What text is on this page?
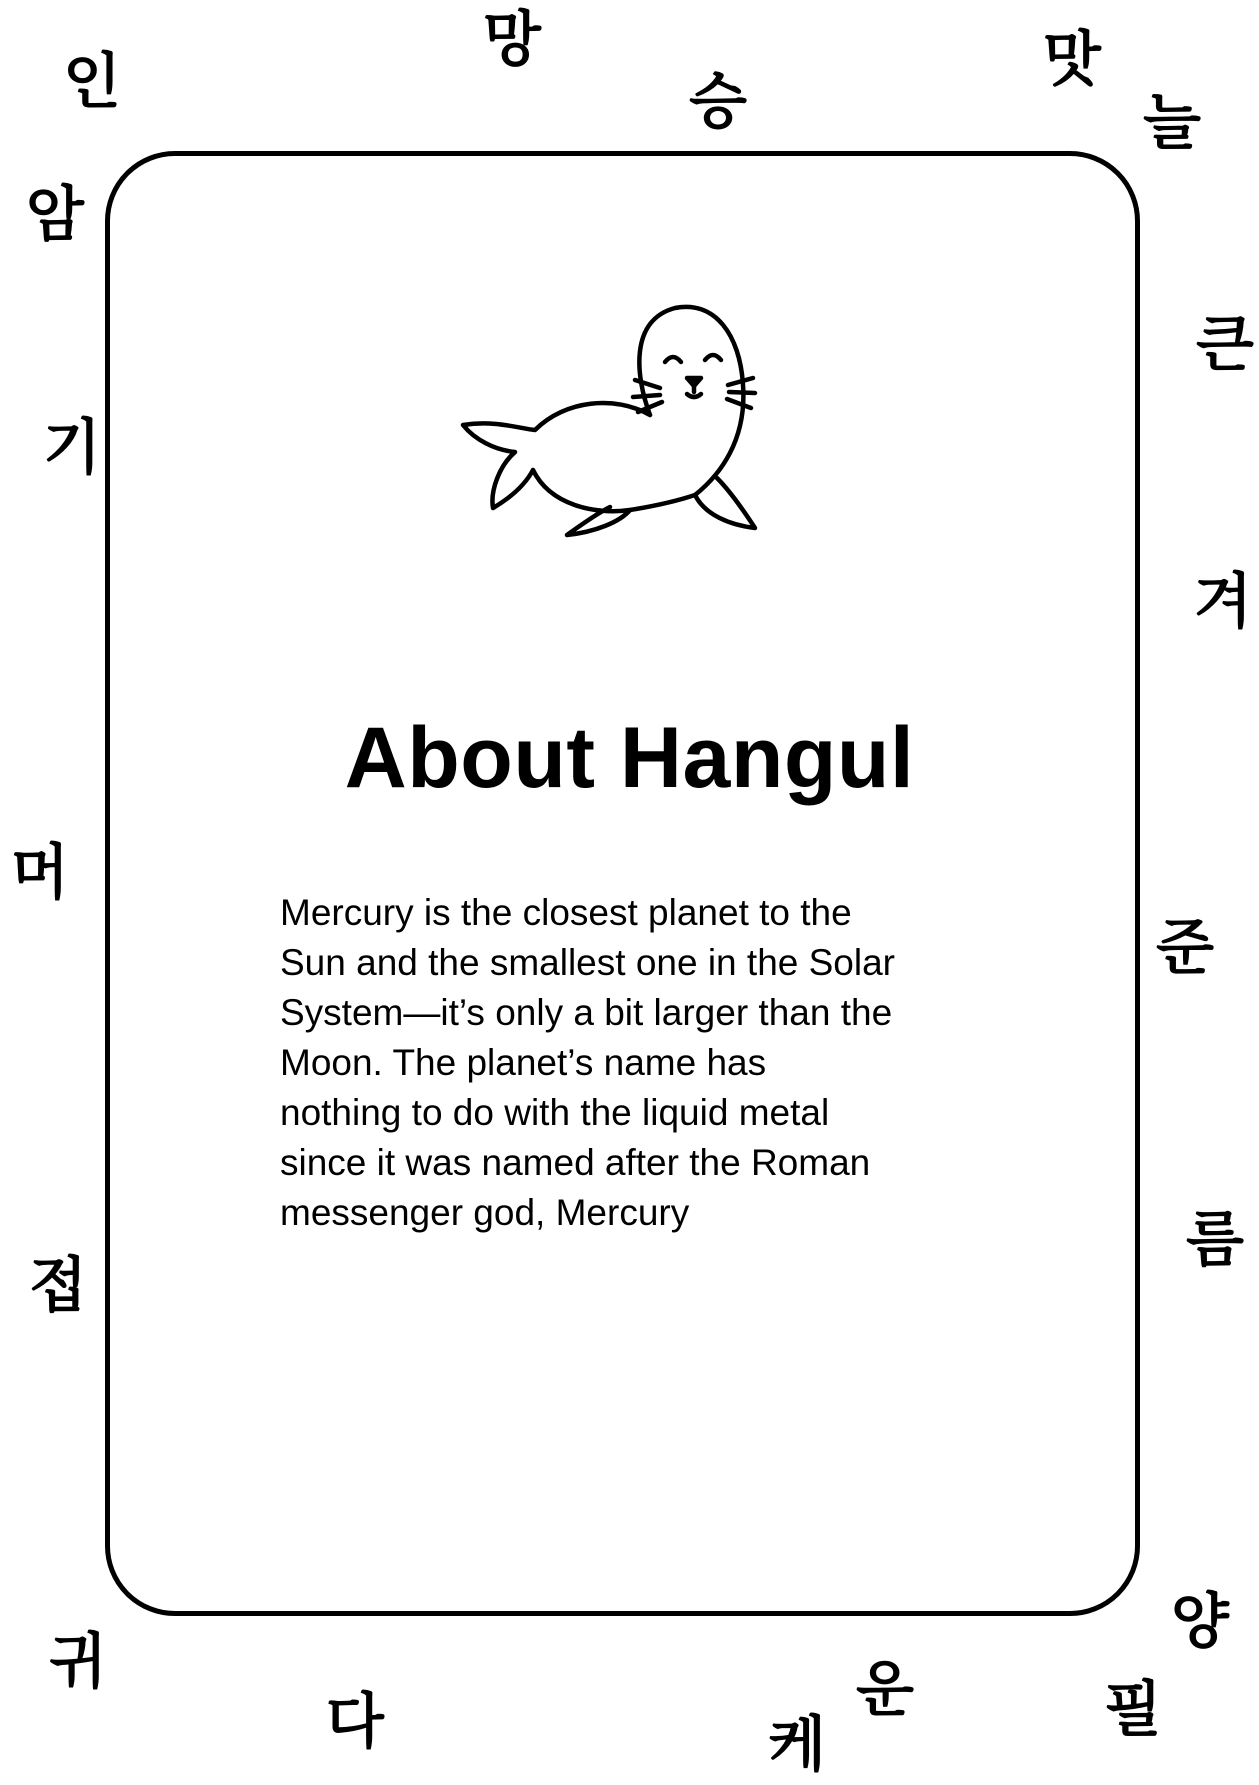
About Hangul
Mercury is the closest planet to the
Sun and the smallest one in the Solar
System—it’s only a bit larger than the
Moon. The planet’s name has
nothing to do with the liquid metal
since it was named after the Roman
messenger god, Mercury
인
망
승
맛
늘
암
기
머
접
귀
큰
겨
준
름
양
다	케
운	필
